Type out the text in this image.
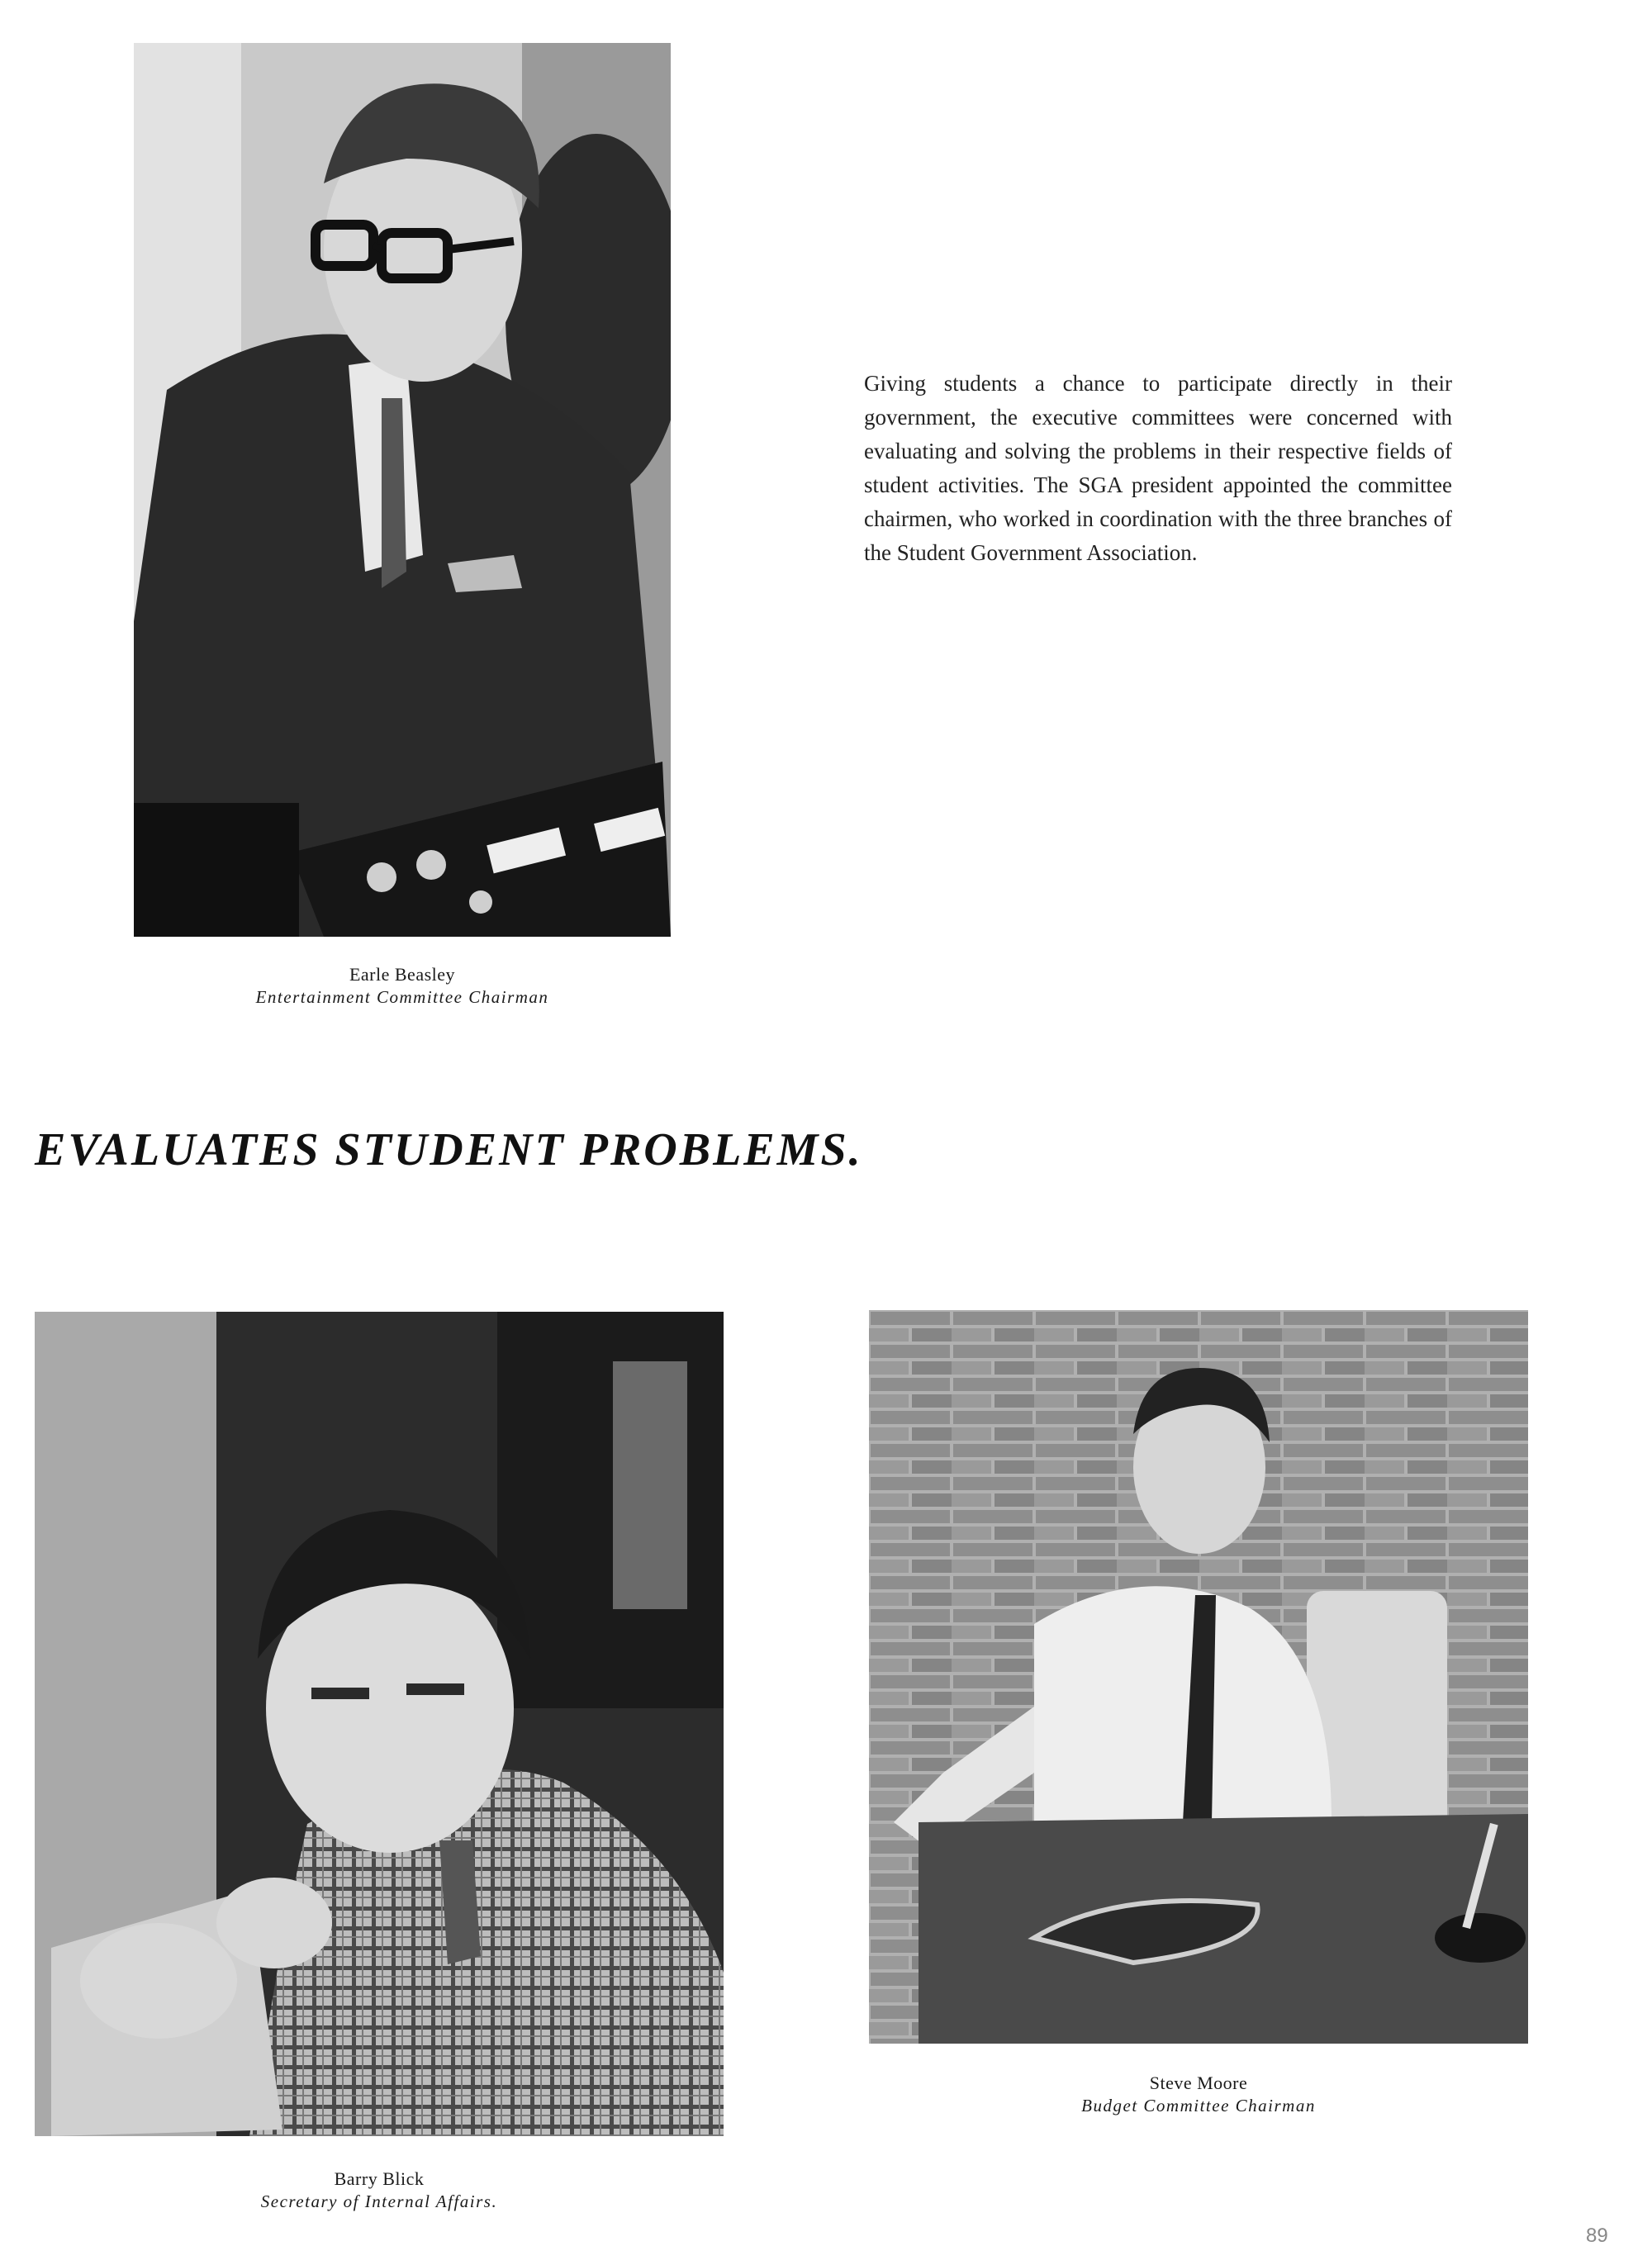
Earle Beasley
Entertainment Committee Chairman
Giving students a chance to participate directly in their government, the executive committees were concerned with evaluating and solving the problems in their respective fields of student activities. The SGA president appointed the committee chairmen, who worked in coordination with the three branches of the Student Government Association.
EVALUATES STUDENT PROBLEMS.
Barry Blick
Secretary of Internal Affairs.
Steve Moore
Budget Committee Chairman
89
